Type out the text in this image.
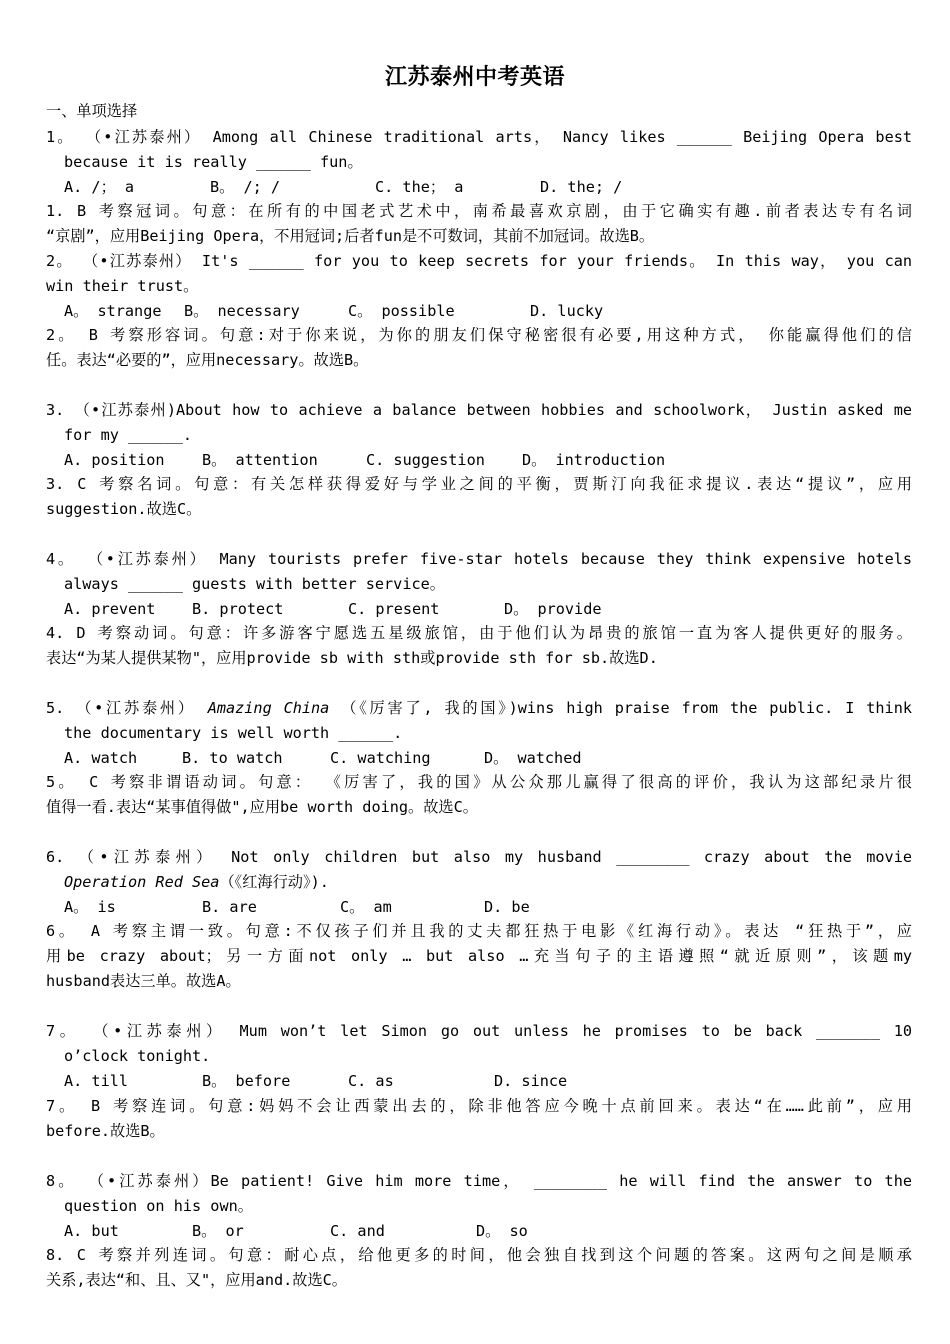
江苏泰州中考英语
一、单项选择
1。 （•江苏泰州） Among all Chinese traditional arts， Nancy likes ______ Beijing Opera best
because it is really ______ fun。

A. /； a

	B。 /; /

	C. the； a

	D. the; /

1. B 考察冠词。句意：在所有的中国老式艺术中，南希最喜欢京剧，由于它确实有趣.前者表达专有名词
“京剧”，应用Beijing Opera，不用冠词;后者fun是不可数词，其前不加冠词。故选B。
2。 （•江苏泰州） It's ______ for you to keep secrets for your friends。 In this way， you can
win their trust。

A。 strange

B。 necessary

	C。 possible

	D. lucky

2。 B 考察形容词。句意:对于你来说，为你的朋友们保守秘密很有必要,用这种方式， 你能赢得他们的信
任。表达“必要的”，应用necessary。故选B。
3. （•江苏泰州)About how to achieve a balance between hobbies and schoolwork， Justin asked me
for my ______.

A. position

B。 attention

	C. suggestion

D。 introduction

3. C 考察名词。句意：有关怎样获得爱好与学业之间的平衡，贾斯汀向我征求提议.表达“提议”，应用
suggestion.故选C。
4。 （•江苏泰州） Many tourists prefer five-star hotels because they think expensive hotels
always ______ guests with better service。

A. prevent

B. protect

	C. present

	D。 provide

4. D 考察动词。句意：许多游客宁愿选五星级旅馆，由于他们认为昂贵的旅馆一直为客人提供更好的服务。
表达“为某人提供某物"，应用provide sb with sth或provide sth for sb.故选D.
5. （•江苏泰州） Amazing China （《厉害了, 我的国》)wins high praise from the public. I think
the documentary is well worth ______.

A. watch

	B. to watch

	C. watching

	D。 watched

5。 C 考察非谓语动词。句意： 《厉害了，我的国》从公众那儿赢得了很高的评价，我认为这部纪录片很
值得一看.表达“某事值得做",应用be worth doing。故选C。
6. （•江苏泰州） Not only children but also my husband ________ crazy about the movie
Operation Red Sea（《红海行动》).

A。 is

	B. are

	C。 am

	D. be

6。 A 考察主谓一致。句意:不仅孩子们并且我的丈夫都狂热于电影《红海行动》。表达 “狂热于”，应
用be crazy about；另一方面not only … but also …充当句子的主语遵照“就近原则”，该题my
husband表达三单。故选A。
7。 （•江苏泰州） Mum won’t let Simon go out unless he promises to be back _______ 10
o’clock tonight.

A. till

	B。 before

	C. as

	D. since

7。 B 考察连词。句意:妈妈不会让西蒙出去的，除非他答应今晚十点前回来。表达“在……此前”，应用
before.故选B。
8。 （•江苏泰州）Be patient! Give him more time， ________ he will find the answer to the
question on his own。

A. but

	B。 or

	C. and

	D。 so

8. C 考察并列连词。句意：耐心点，给他更多的时间，他会独自找到这个问题的答案。这两句之间是顺承
关系,表达“和、且、又"，应用and.故选C。
